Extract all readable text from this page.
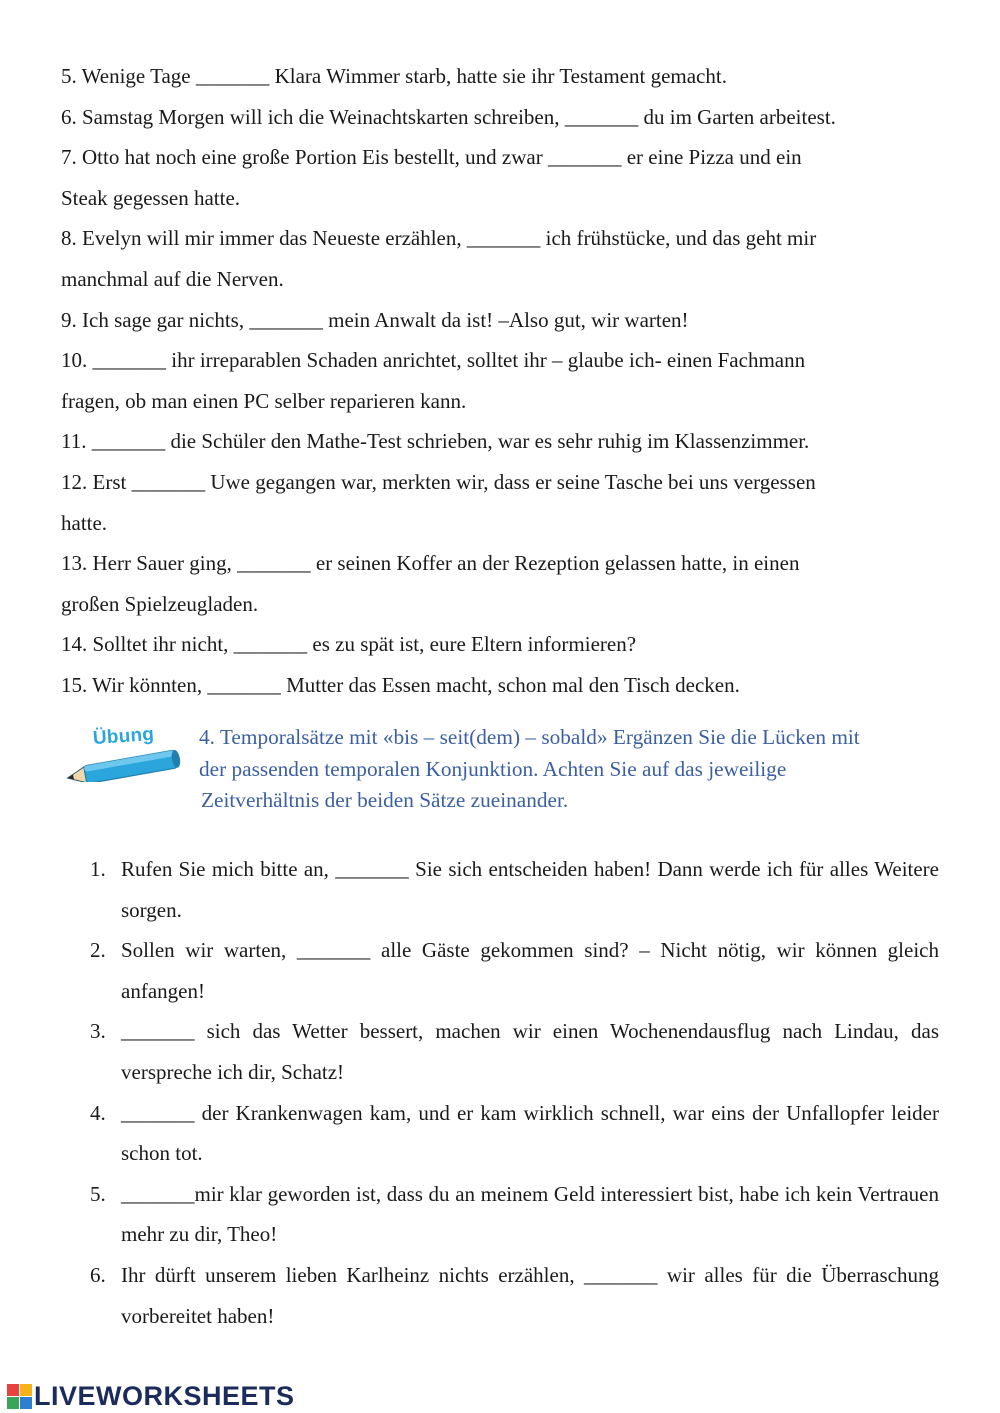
5. Wenige Tage _______ Klara Wimmer starb, hatte sie ihr Testament gemacht.
6. Samstag Morgen will ich die Weinachtskarten schreiben, _______ du im Garten arbeitest.
7. Otto hat noch eine große Portion Eis bestellt, und zwar _______ er eine Pizza und ein
Steak gegessen hatte.
8. Evelyn will mir immer das Neueste erzählen, _______ ich frühstücke, und das geht mir
manchmal auf die Nerven.
9. Ich sage gar nichts, _______ mein Anwalt da ist! –Also gut, wir warten!
10. _______ ihr irreparablen Schaden anrichtet, solltet ihr – glaube ich- einen Fachmann
fragen, ob man einen PC selber reparieren kann.
11. _______ die Schüler den Mathe-Test schrieben, war es sehr ruhig im Klassenzimmer.
12. Erst _______ Uwe gegangen war, merkten wir, dass er seine Tasche bei uns vergessen
hatte.
13. Herr Sauer ging, _______ er seinen Koffer an der Rezeption gelassen hatte, in einen
großen Spielzeugladen.
14. Solltet ihr nicht, _______ es zu spät ist, eure Eltern informieren?
15. Wir könnten, _______ Mutter das Essen macht, schon mal den Tisch decken.
Übung 4. Temporalsätze mit «bis – seit(dem) – sobald» Ergänzen Sie die Lücken mit
der passenden temporalen Konjunktion. Achten Sie auf das jeweilige
Zeitverhältnis der beiden Sätze zueinander.
1. Rufen Sie mich bitte an, _______ Sie sich entscheiden haben! Dann werde ich für alles Weitere sorgen.
2. Sollen wir warten, _______ alle Gäste gekommen sind? – Nicht nötig, wir können gleich anfangen!
3. _______ sich das Wetter bessert, machen wir einen Wochenendausflug nach Lindau, das verspreche ich dir, Schatz!
4. _______ der Krankenwagen kam, und er kam wirklich schnell, war eins der Unfallopfer leider schon tot.
5. _______mir klar geworden ist, dass du an meinem Geld interessiert bist, habe ich kein Vertrauen mehr zu dir, Theo!
6. Ihr dürft unserem lieben Karlheinz nichts erzählen, _______ wir alles für die Überraschung vorbereitet haben!
LIVEWORKSHEETS
